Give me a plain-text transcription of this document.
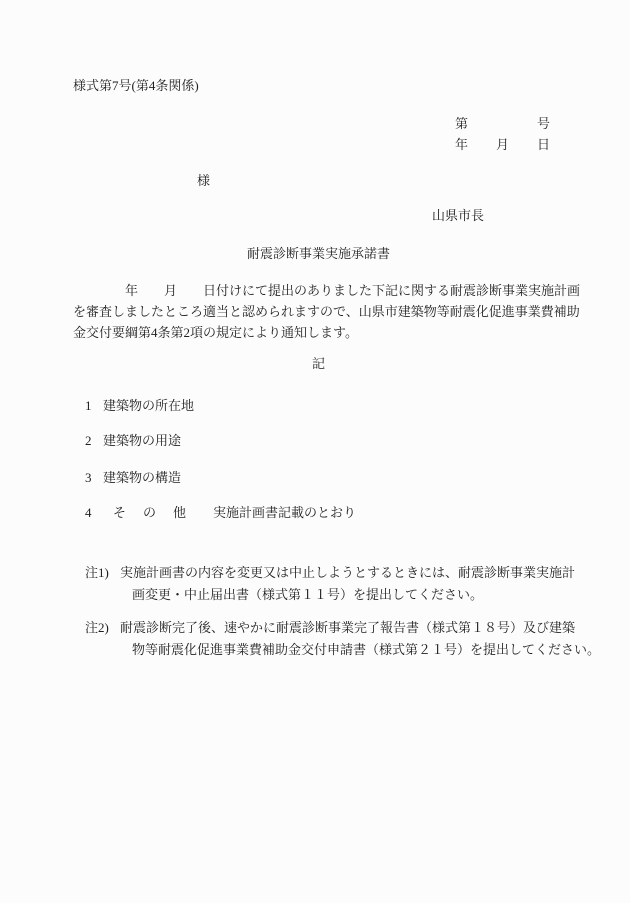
様式第7号(第4条関係)
第	号
年 月 日
様
山県市長
耐震診断事業実施承諾書
　　　　年　　月　　日付けにて提出のありました下記に関する耐震診断事業実施計画
を審査しましたところ適当と認められますので、山県市建築物等耐震化促進事業費補助
金交付要綱第4条第2項の規定により通知します。
記

1

建築物の所在地

2

建築物の用途

3

建築物の構造

4

そ　の　他

実施計画書記載のとおり

注1) 実施計画書の内容を変更又は中止しようとするときには、耐震診断事業実施計
画変更・中止届出書（様式第１１号）を提出してください。
注2) 耐震診断完了後、速やかに耐震診断事業完了報告書（様式第１８号）及び建築
物等耐震化促進事業費補助金交付申請書（様式第２１号）を提出してください。
